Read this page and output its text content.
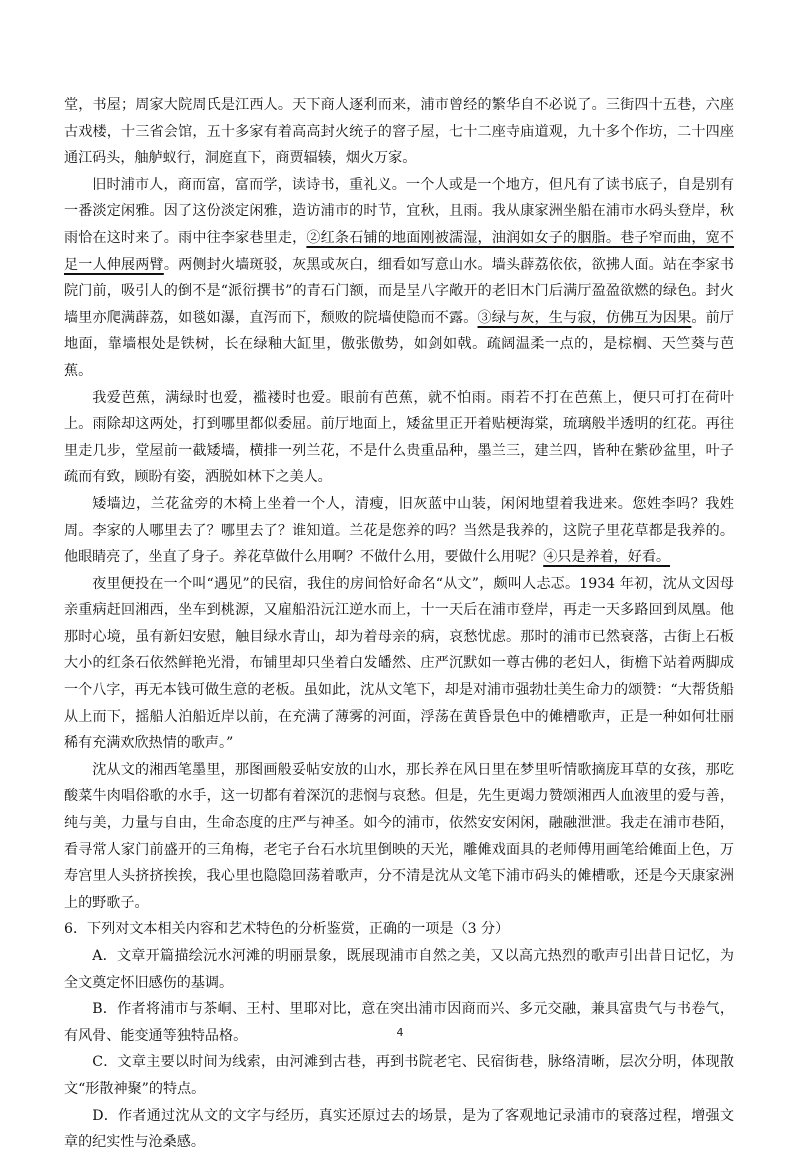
堂，书屋；周家大院周氏是江西人。天下商人逐利而来，浦市曾经的繁华自不必说了。三街四十五巷，六座古戏楼，十三省会馆，五十多家有着高高封火统子的窨子屋，七十二座寺庙道观，九十多个作坊，二十四座通江码头，舳舻蚁行，洞庭直下，商贾辐辏，烟火万家。

旧时浦市人，商而富，富而学，读诗书，重礼义。一个人或是一个地方，但凡有了读书底子，自是别有一番淡定闲雅。因了这份淡定闲雅，造访浦市的时节，宜秋，且雨。我从康家洲坐船在浦市水码头登岸，秋雨恰在这时来了。雨中往李家巷里走，②红条石铺的地面刚被濡湿，油润如女子的胭脂。巷子窄而曲，宽不足一人伸展两臂。两侧封火墙斑驳，灰黑或灰白，细看如写意山水。墙头薜荔依依，欲拂人面。站在李家书院门前，吸引人的倒不是“派衍撰书”的青石门额，而是呈八字敞开的老旧木门后满厅盈盈欲燃的绿色。封火墙里亦爬满薜荔，如毯如瀑，直泻而下，颓败的院墙使隐而不露。③绿与灰，生与寂，仿佛互为因果。前厅地面，靠墙根处是铁树，长在绿釉大缸里，傲张傲势，如剑如戟。疏阔温柔一点的，是棕榈、天竺葵与芭蕉。

我爱芭蕉，满绿时也爱，褴褛时也爱。眼前有芭蕉，就不怕雨。雨若不打在芭蕉上，便只可打在荷叶上。雨除却这两处，打到哪里都似委屈。前厅地面上，矮盆里正开着贴梗海棠，琉璃般半透明的红花。再往里走几步，堂屋前一截矮墙，横排一列兰花，不是什么贵重品种，墨兰三，建兰四，皆种在紫砂盆里，叶子疏而有致，顾盼有姿，洒脱如林下之美人。

矮墙边，兰花盆旁的木椅上坐着一个人，清瘦，旧灰蓝中山装，闲闲地望着我进来。您姓李吗？我姓周。李家的人哪里去了？哪里去了？谁知道。兰花是您养的吗？当然是我养的，这院子里花草都是我养的。他眼睛亮了，坐直了身子。养花草做什么用啊？不做什么用，要做什么用呢？④只是养着，好看。

夜里便投在一个叫“遇见”的民宿，我住的房间恰好命名“从文”，颇叫人忐忑。1934 年初，沈从文因母亲重病赶回湘西，坐车到桃源，又雇船沿沅江逆水而上，十一天后在浦市登岸，再走一天多路回到凤凰。他那时心境，虽有新妇安慰，触目绿水青山，却为着母亲的病，哀愁忧虑。那时的浦市已然衰落，古街上石板大小的红条石依然鲜艳光滑，布铺里却只坐着白发皤然、庄严沉默如一尊古佛的老妇人，街檐下站着两脚成一个八字，再无本钱可做生意的老板。虽如此，沈从文笔下，却是对浦市强勃壮美生命力的颂赞：“大帮货船从上而下，摇船人泊船近岸以前，在充满了薄雾的河面，浮荡在黄昏景色中的傩槽歌声，正是一种如何壮丽稀有充满欢欣热情的歌声。”

沈从文的湘西笔墨里，那图画般妥帖安放的山水，那长养在风日里在梦里听情歌摘庞耳草的女孩，那吃酸菜牛肉唱俗歌的水手，这一切都有着深沉的悲悯与哀愁。但是，先生更竭力赞颂湘西人血液里的爱与善，纯与美，力量与自由，生命态度的庄严与神圣。如今的浦市，依然安安闲闲，融融泄泄。我走在浦市巷陌，看寻常人家门前盛开的三角梅，老宅子台石水坑里倒映的天光，雕傩戏面具的老师傅用画笔给傩面上色，万寿宫里人头挤挤挨挨，我心里也隐隐回荡着歌声，分不清是沈从文笔下浦市码头的傩槽歌，还是今天康家洲上的野歌子。

6．下列对文本相关内容和艺术特色的分析鉴赏，正确的一项是（3 分）

A．文章开篇描绘沅水河滩的明丽景象，既展现浦市自然之美，又以高亢热烈的歌声引出昔日记忆，为全文奠定怀旧感伤的基调。

B．作者将浦市与茶峒、王村、里耶对比，意在突出浦市因商而兴、多元交融，兼具富贵气与书卷气，有风骨、能变通等独特品格。

C．文章主要以时间为线索，由河滩到古巷，再到书院老宅、民宿街巷，脉络清晰，层次分明，体现散文“形散神聚”的特点。

D．作者通过沈从文的文字与经历，真实还原过去的场景，是为了客观地记录浦市的衰落过程，增强文章的纪实性与沧桑感。

4
